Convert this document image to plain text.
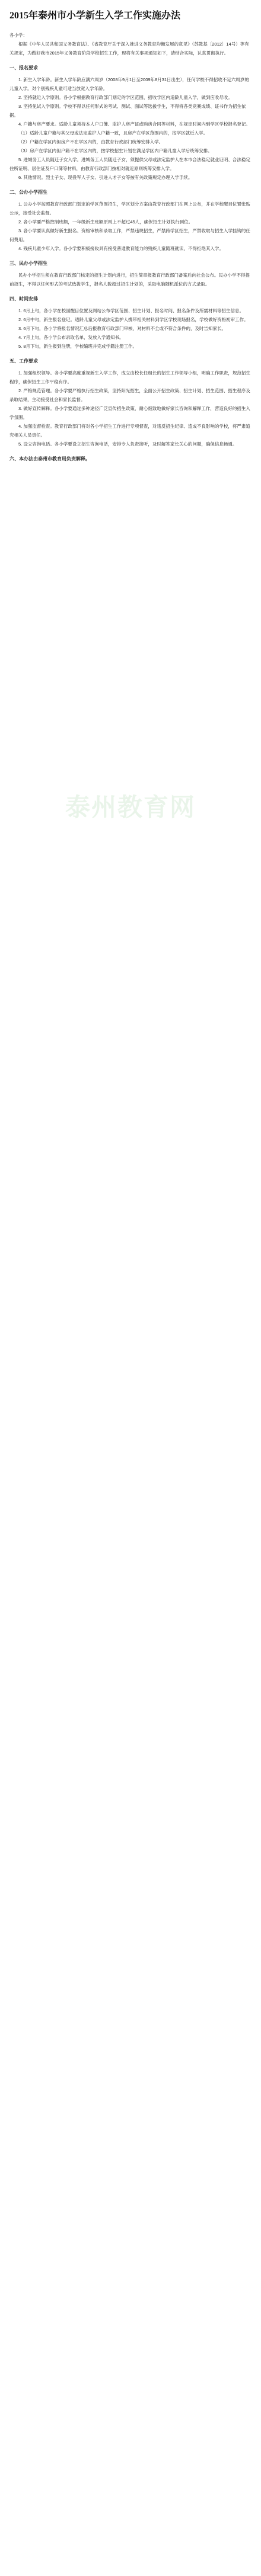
2015年泰州市小学新生入学工作实施办法

各小学：

根据《中华人民共和国义务教育法》、《省教育厅关于深入推进义务教育均衡发展的意见》（苏教基〔2012〕14号）等有关规定，为做好我市2015年义务教育阶段学校招生工作，现将有关事项通知如下，请结合实际，认真贯彻执行。

一、报名要求

1. 新生入学年龄。新生入学年龄应满六周岁（2008年9月1日至2009年8月31日出生），任何学校不得招收不足六周岁的儿童入学。对个别残疾儿童可适当放宽入学年龄。

2. 坚持就近入学原则。各小学根据教育行政部门划定的学区范围，招收学区内适龄儿童入学，做到应收尽收。

3. 坚持免试入学原则。学校不得以任何形式的考试、测试、面试等选拔学生，不得将各类竞赛成绩、证书作为招生依据。

4. 户籍与房产要求。适龄儿童须持本人户口簿、监护人房产证或购房合同等材料，在规定时间内到学区学校报名登记。

（1）适龄儿童户籍与其父母或法定监护人户籍一致，且房产在学区范围内的，按学区就近入学。

（2）户籍在学区内但房产不在学区内的，由教育行政部门统筹安排入学。

（3）房产在学区内但户籍不在学区内的，按学校招生计划在满足学区内户籍儿童入学后统筹安排。

5. 进城务工人员随迁子女入学。进城务工人员随迁子女，须提供父母或法定监护人在本市合法稳定就业证明、合法稳定住所证明、居住证及户口簿等材料，由教育行政部门按相对就近原则统筹安排入学。

6. 其他情况。烈士子女、现役军人子女、引进人才子女等按有关政策规定办理入学手续。

二、公办小学招生

1. 公办小学按照教育行政部门划定的学区范围招生，学区划分方案由教育行政部门在网上公布，并在学校醒目位置张贴公示，接受社会监督。

2. 各小学要严格控制班额，一年级新生班额原则上不超过45人，确保招生计划执行到位。

3. 各小学要认真做好新生报名、资格审核和录取工作，严禁违规招生，严禁跨学区招生，严禁收取与招生入学挂钩的任何费用。

4. 残疾儿童少年入学。各小学要积极接收具有接受普通教育能力的残疾儿童随班就读，不得拒绝其入学。

三、民办小学招生

民办小学招生须在教育行政部门核定的招生计划内进行，招生简章报教育行政部门备案后向社会公布。民办小学不得提前招生，不得以任何形式的考试选拔学生，报名人数超过招生计划的，采取电脑随机派位的方式录取。

四、时间安排

1. 6月上旬，各小学在校园醒目位置及网站公布学区范围、招生计划、报名时间、报名条件及所需材料等招生信息。

2. 6月中旬，新生报名登记。适龄儿童父母或法定监护人携带相关材料到学区学校现场报名，学校做好资格初审工作。

3. 6月下旬，各小学将报名情况汇总后报教育行政部门审核，对材料不全或不符合条件的，及时告知家长。

4. 7月上旬，各小学公布录取名单，发放入学通知书。

5. 8月下旬，新生报到注册，学校编班并完成学籍注册工作。

五、工作要求

1. 加强组织领导。各小学要高度重视新生入学工作，成立由校长任组长的招生工作领导小组，明确工作职责，规范招生程序，确保招生工作平稳有序。

2. 严格规范管理。各小学要严格执行招生政策，坚持阳光招生，全面公开招生政策、招生计划、招生范围、招生程序及录取结果，主动接受社会和家长监督。

3. 做好宣传解释。各小学要通过多种途径广泛宣传招生政策，耐心细致地做好家长咨询和解释工作，营造良好的招生入学氛围。

4. 加强监督检查。教育行政部门将对各小学招生工作进行专项督查，对违反招生纪律、造成不良影响的学校，将严肃追究相关人员责任。

5. 设立咨询电话。各小学要设立招生咨询电话，安排专人负责接听，及时解答家长关心的问题，确保信息畅通。

六、本办法由泰州市教育局负责解释。

泰州教育网
